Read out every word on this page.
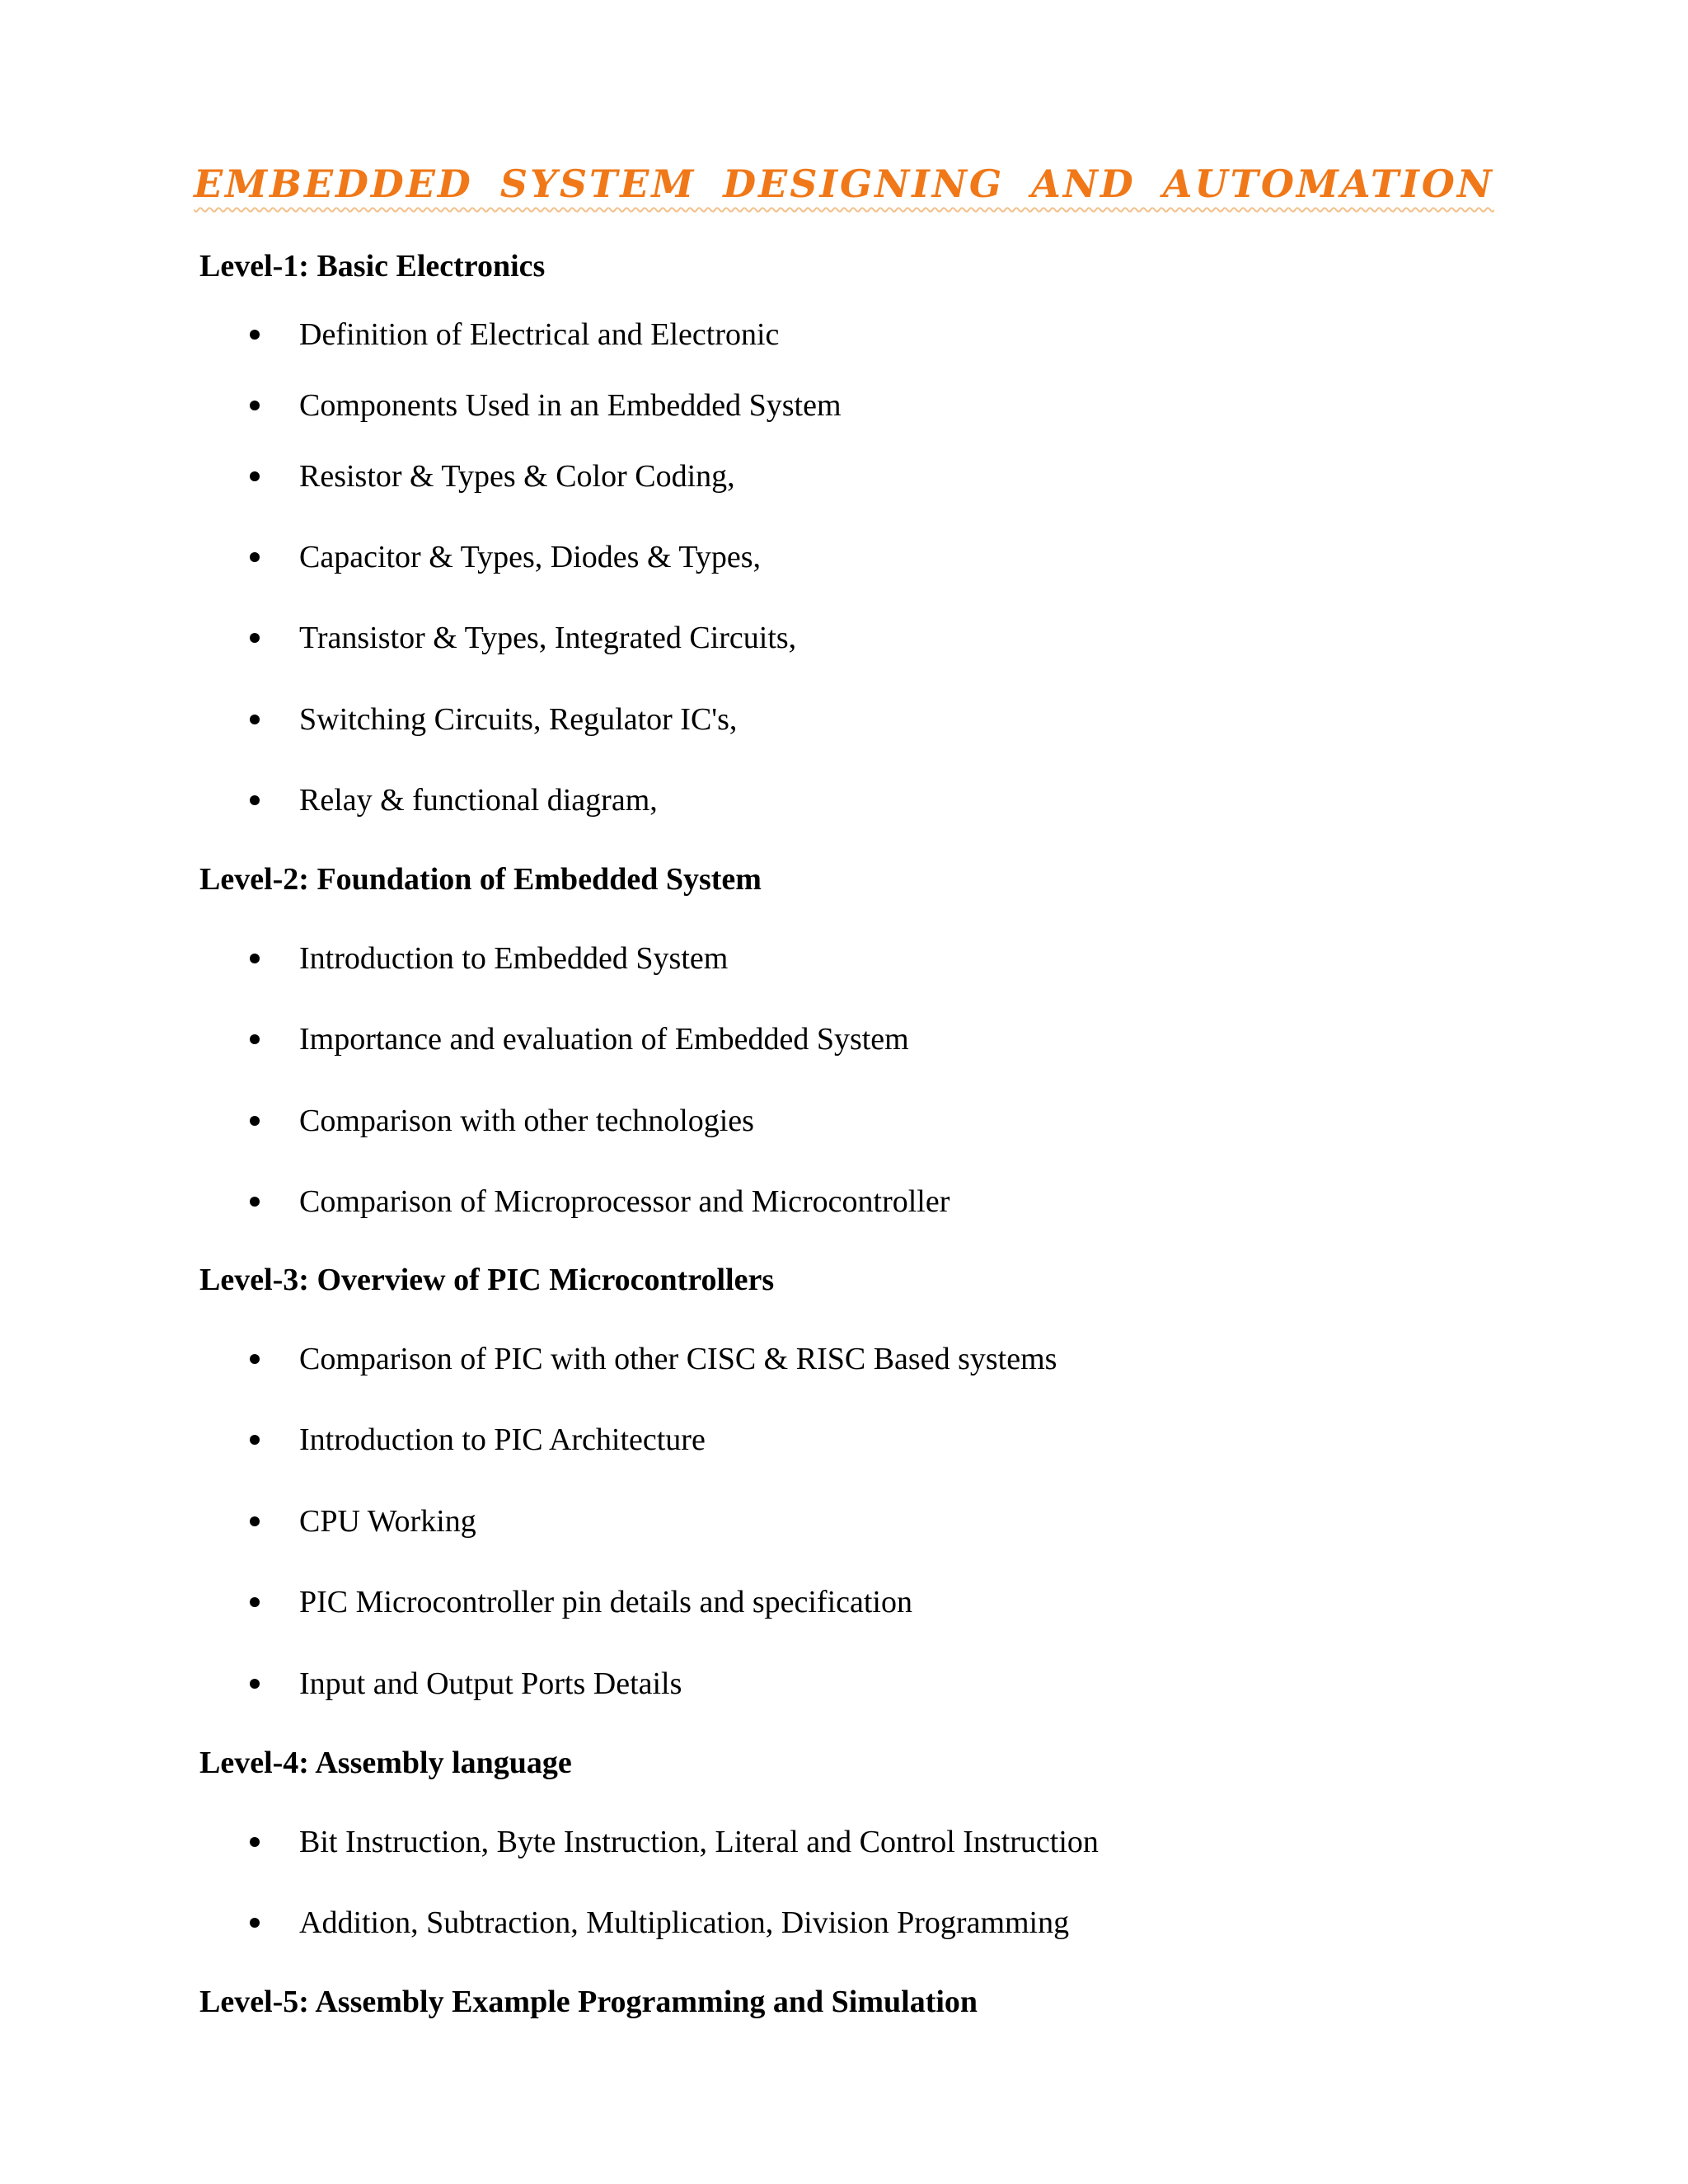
EMBEDDED SYSTEM DESIGNING AND AUTOMATION
Level-1: Basic Electronics
Definition of Electrical and Electronic
Components Used in an Embedded System
Resistor & Types & Color Coding,
Capacitor & Types, Diodes & Types,
Transistor & Types, Integrated Circuits,
Switching Circuits, Regulator IC's,
Relay & functional diagram,
Level-2: Foundation of Embedded System
Introduction to Embedded System
Importance and evaluation of Embedded System
Comparison with other technologies
Comparison of Microprocessor and Microcontroller
Level-3: Overview of PIC Microcontrollers
Comparison of PIC with other CISC & RISC Based systems
Introduction to PIC Architecture
CPU Working
PIC Microcontroller pin details and specification
Input and Output Ports Details
Level-4: Assembly language
Bit Instruction, Byte Instruction, Literal and Control Instruction
Addition, Subtraction, Multiplication, Division Programming
Level-5: Assembly Example Programming and Simulation
